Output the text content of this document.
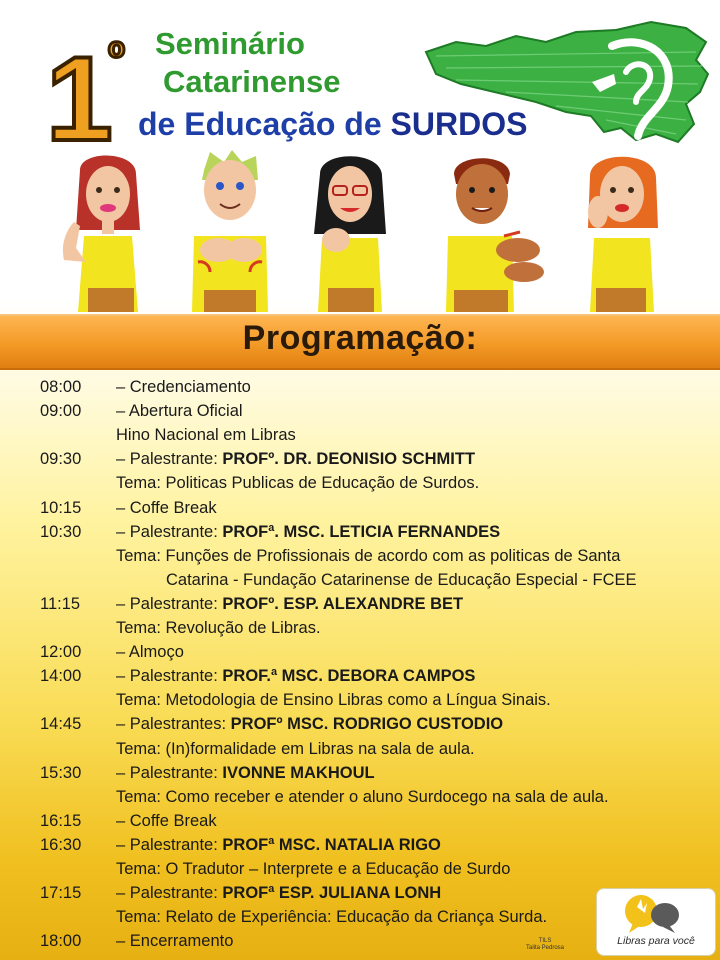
1
º Seminário
Catarinense
de Educação de SURDOS
Programação:
08:00	– Credenciamento
09:00	– Abertura Oficial
Hino Nacional em Libras
09:30	– Palestrante: PROFº. DR. DEONISIO SCHMITT
Tema: Politicas Publicas de Educação de Surdos.
10:15	– Coffe Break
10:30	– Palestrante: PROFª. MSC. LETICIA FERNANDES
Tema: Funções de Profissionais de acordo com as politicas de Santa
Catarina - Fundação Catarinense de Educação Especial - FCEE
11:15	– Palestrante: PROFº. ESP. ALEXANDRE BET
Tema: Revolução de Libras.
12:00	– Almoço
14:00	– Palestrante: PROF.ª MSC. DEBORA CAMPOS
Tema: Metodologia de Ensino Libras como a Língua Sinais.
14:45	– Palestrantes: PROFº MSC. RODRIGO CUSTODIO
Tema: (In)formalidade em Libras na sala de aula.
15:30	– Palestrante: IVONNE MAKHOUL
Tema: Como receber e atender o aluno Surdocego na sala de aula.
16:15	– Coffe Break
16:30	– Palestrante: PROFª MSC. NATALIA RIGO
Tema: O Tradutor – Interprete e a Educação de Surdo
17:15	– Palestrante: PROFª ESP. JULIANA LONH
Tema: Relato de Experiência: Educação da Criança Surda.
18:00	– Encerramento	Libras para você
TILS
Talita Pedrosa
